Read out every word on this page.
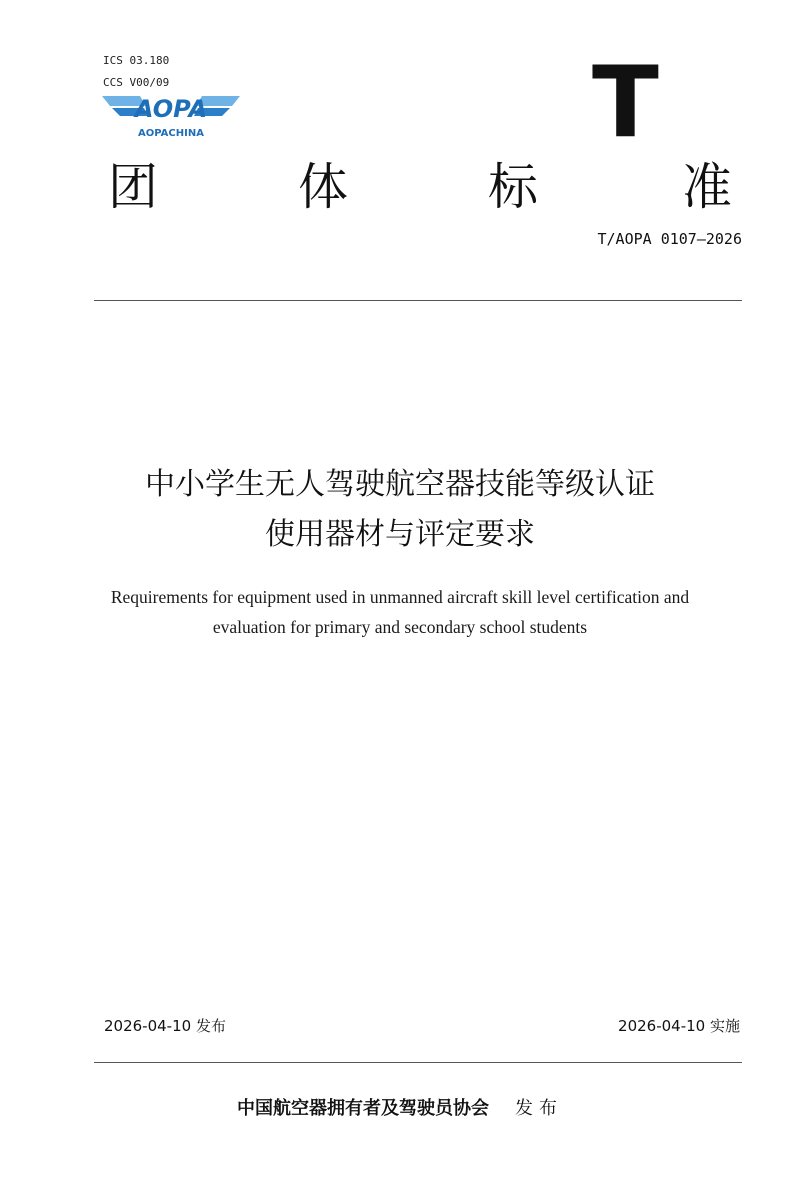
ICS 03.180
CCS V00/09
AOPA
AOPACHINA	T
团	体	标	准
T/AOPA 0107—2026
中小学生无人驾驶航空器技能等级认证
使用器材与评定要求
Requirements for equipment used in unmanned aircraft skill level certification and
evaluation for primary and secondary school students
2026-04-10 发布	2026-04-10 实施
中国航空器拥有者及驾驶员协会 发布
